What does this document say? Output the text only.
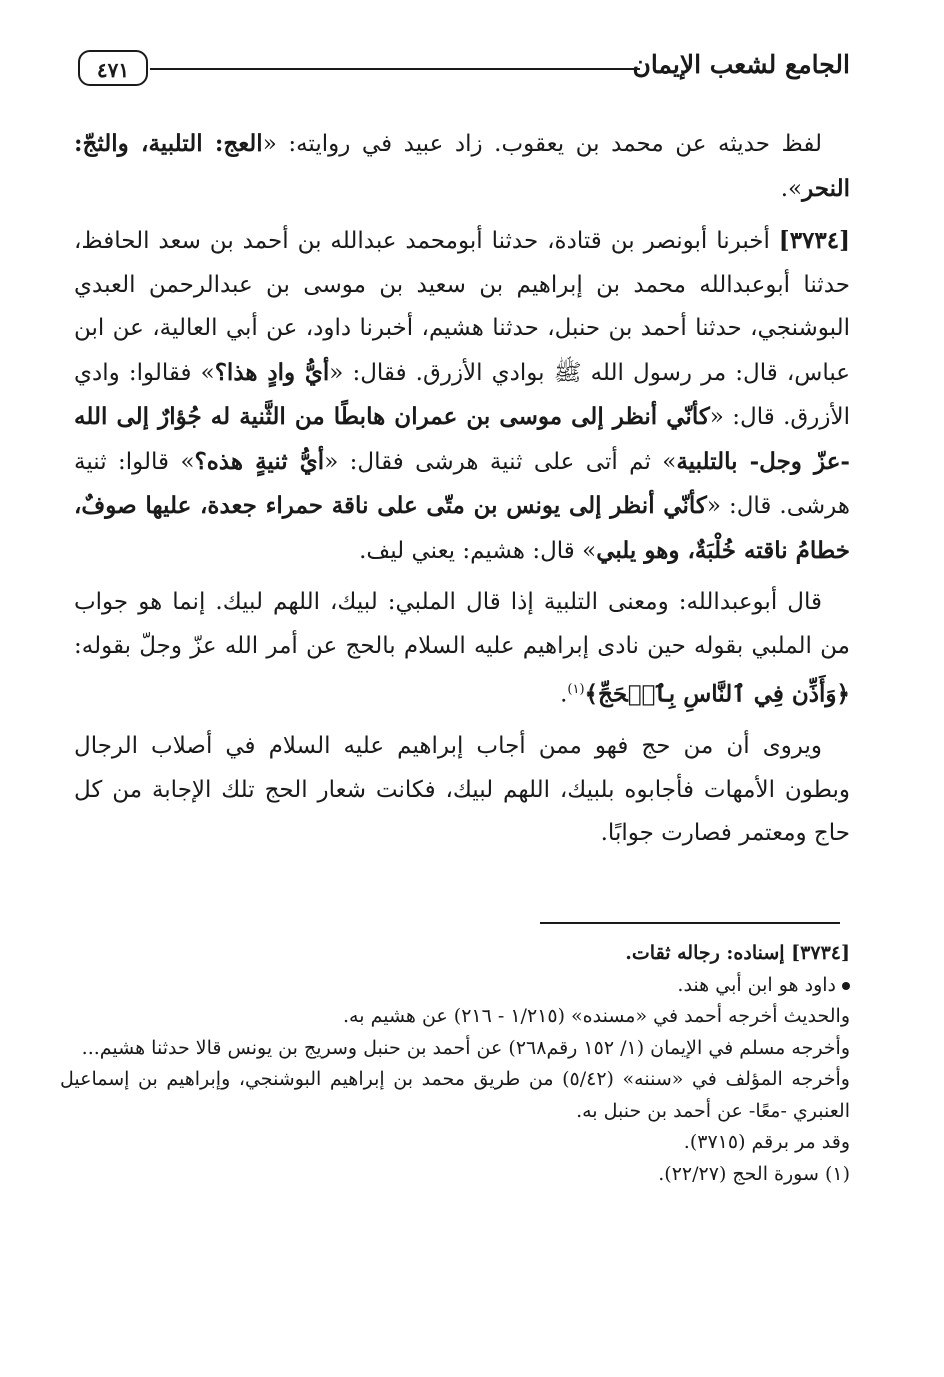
٤٧١	الجامع لشعب الإيمان

لفظ حديثه عن محمد بن يعقوب. زاد عبيد في روايته: «العج: التلبية، والثجّ: النحر».

[٣٧٣٤] أخبرنا أبونصر بن قتادة، حدثنا أبومحمد عبدالله بن أحمد بن سعد الحافظ، حدثنا أبوعبدالله محمد بن إبراهيم بن سعيد بن موسى بن عبدالرحمن العبدي البوشنجي، حدثنا أحمد بن حنبل، حدثنا هشيم، أخبرنا داود، عن أبي العالية، عن ابن عباس، قال: مر رسول الله ﷺ بوادي الأزرق. فقال: «أيُّ وادٍ هذا؟» فقالوا: وادي الأزرق. قال: «كأنّي أنظر إلى موسى بن عمران هابطًا من الثَّنية له جُؤارٌ إلى الله -عزّ وجل- بالتلبية» ثم أتى على ثنية هرشى فقال: «أيُّ ثنيةٍ هذه؟» قالوا: ثنية هرشى. قال: «كأنّي أنظر إلى يونس بن متّى على ناقة حمراء جعدة، عليها صوفٌ، خطامُ ناقته خُلْبَةٌ، وهو يلبي» قال: هشيم: يعني ليف.

قال أبوعبدالله: ومعنى التلبية إذا قال الملبي: لبيك، اللهم لبيك. إنما هو جواب من الملبي بقوله حين نادى إبراهيم عليه السلام بالحج عن أمر الله عزّ وجلّ بقوله: ﴿وَأَذِّن فِي ٱلنَّاسِ بِٱلۡحَجِّ﴾$^{(١)}$.

ويروى أن من حج فهو ممن أجاب إبراهيم عليه السلام في أصلاب الرجال وبطون الأمهات فأجابوه بلبيك، اللهم لبيك، فكانت شعار الحج تلك الإجابة من كل حاج ومعتمر فصارت جوابًا.

[٣٧٣٤] إسناده: رجاله ثقات.

داود هو ابن أبي هند.

والحديث أخرجه أحمد في «مسنده» (١/٢١٥ - ٢١٦) عن هشيم به.

وأخرجه مسلم في الإيمان (١/ ١٥٢ رقم٢٦٨) عن أحمد بن حنبل وسريج بن يونس قالا حدثنا هشيم...

وأخرجه المؤلف في «سننه» (٥/٤٢) من طريق محمد بن إبراهيم البوشنجي، وإبراهيم بن إسماعيل العنبري -معًا- عن أحمد بن حنبل به.

وقد مر برقم (٣٧١٥).

(١) سورة الحج (٢٢/٢٧).
